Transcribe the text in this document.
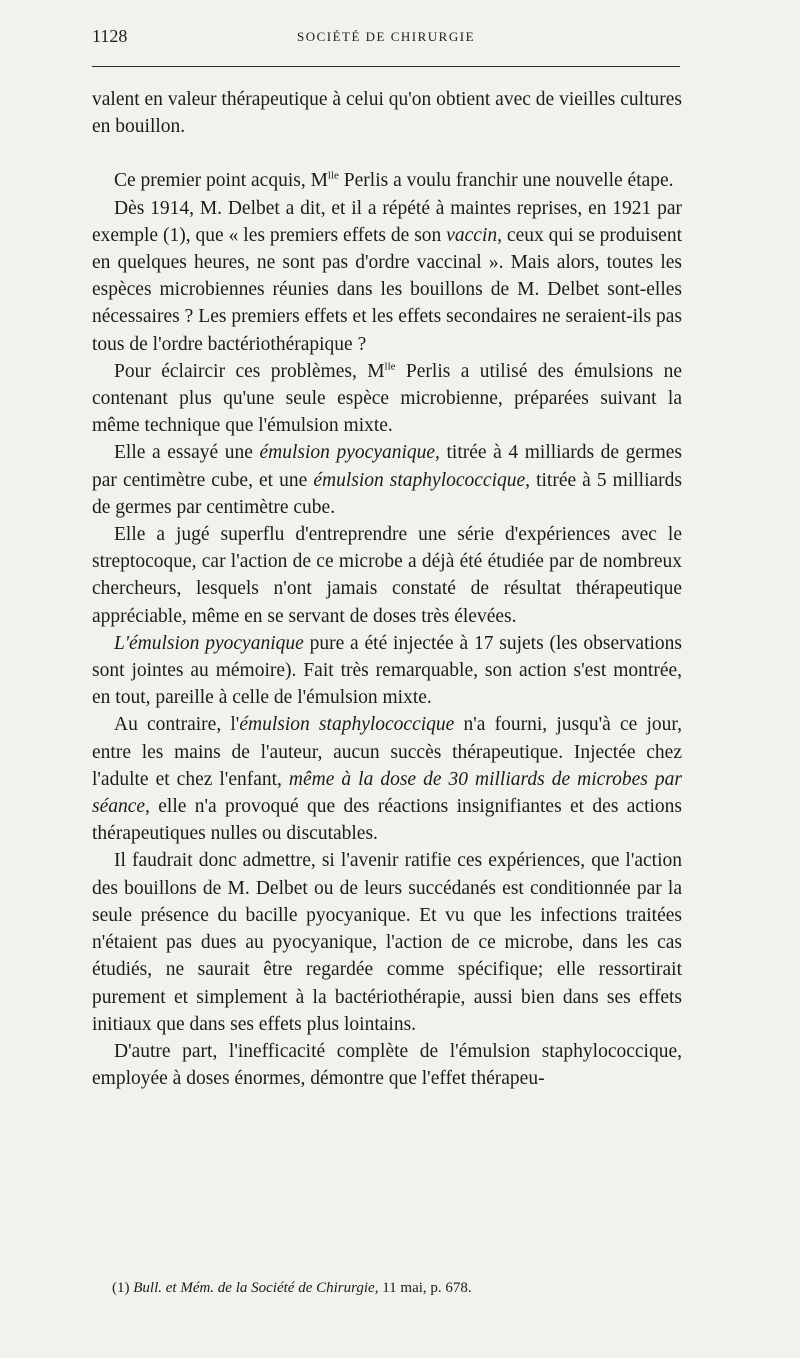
1128	SOCIÉTÉ DE CHIRURGIE

valent en valeur thérapeutique à celui qu'on obtient avec de vieilles cultures en bouillon.

Ce premier point acquis, $M^{lle}$ Perlis a voulu franchir une nouvelle étape.

Dès 1914, M. Delbet a dit, et il a répété à maintes reprises, en 1921 par exemple (1), que « les premiers effets de son vaccin, ceux qui se produisent en quelques heures, ne sont pas d'ordre vaccinal ». Mais alors, toutes les espèces microbiennes réunies dans les bouillons de M. Delbet sont-elles nécessaires ? Les premiers effets et les effets secondaires ne seraient-ils pas tous de l'ordre bactériothérapique ?

Pour éclaircir ces problèmes, $M^{lle}$ Perlis a utilisé des émulsions ne contenant plus qu'une seule espèce microbienne, préparées suivant la même technique que l'émulsion mixte.

Elle a essayé une émulsion pyocyanique, titrée à 4 milliards de germes par centimètre cube, et une émulsion staphylococcique, titrée à 5 milliards de germes par centimètre cube.

Elle a jugé superflu d'entreprendre une série d'expériences avec le streptocoque, car l'action de ce microbe a déjà été étudiée par de nombreux chercheurs, lesquels n'ont jamais constaté de résultat thérapeutique appréciable, même en se servant de doses très élevées.

L'émulsion pyocyanique pure a été injectée à 17 sujets (les observations sont jointes au mémoire). Fait très remarquable, son action s'est montrée, en tout, pareille à celle de l'émulsion mixte.

Au contraire, l'émulsion staphylococcique n'a fourni, jusqu'à ce jour, entre les mains de l'auteur, aucun succès thérapeutique. Injectée chez l'adulte et chez l'enfant, même à la dose de 30 milliards de microbes par séance, elle n'a provoqué que des réactions insignifiantes et des actions thérapeutiques nulles ou discutables.

Il faudrait donc admettre, si l'avenir ratifie ces expériences, que l'action des bouillons de M. Delbet ou de leurs succédanés est conditionnée par la seule présence du bacille pyocyanique. Et vu que les infections traitées n'étaient pas dues au pyocyanique, l'action de ce microbe, dans les cas étudiés, ne saurait être regardée comme spécifique; elle ressortirait purement et simplement à la bactériothérapie, aussi bien dans ses effets initiaux que dans ses effets plus lointains.

D'autre part, l'inefficacité complète de l'émulsion staphylococcique, employée à doses énormes, démontre que l'effet thérapeu-

(1) Bull. et Mém. de la Société de Chirurgie, 11 mai, p. 678.
